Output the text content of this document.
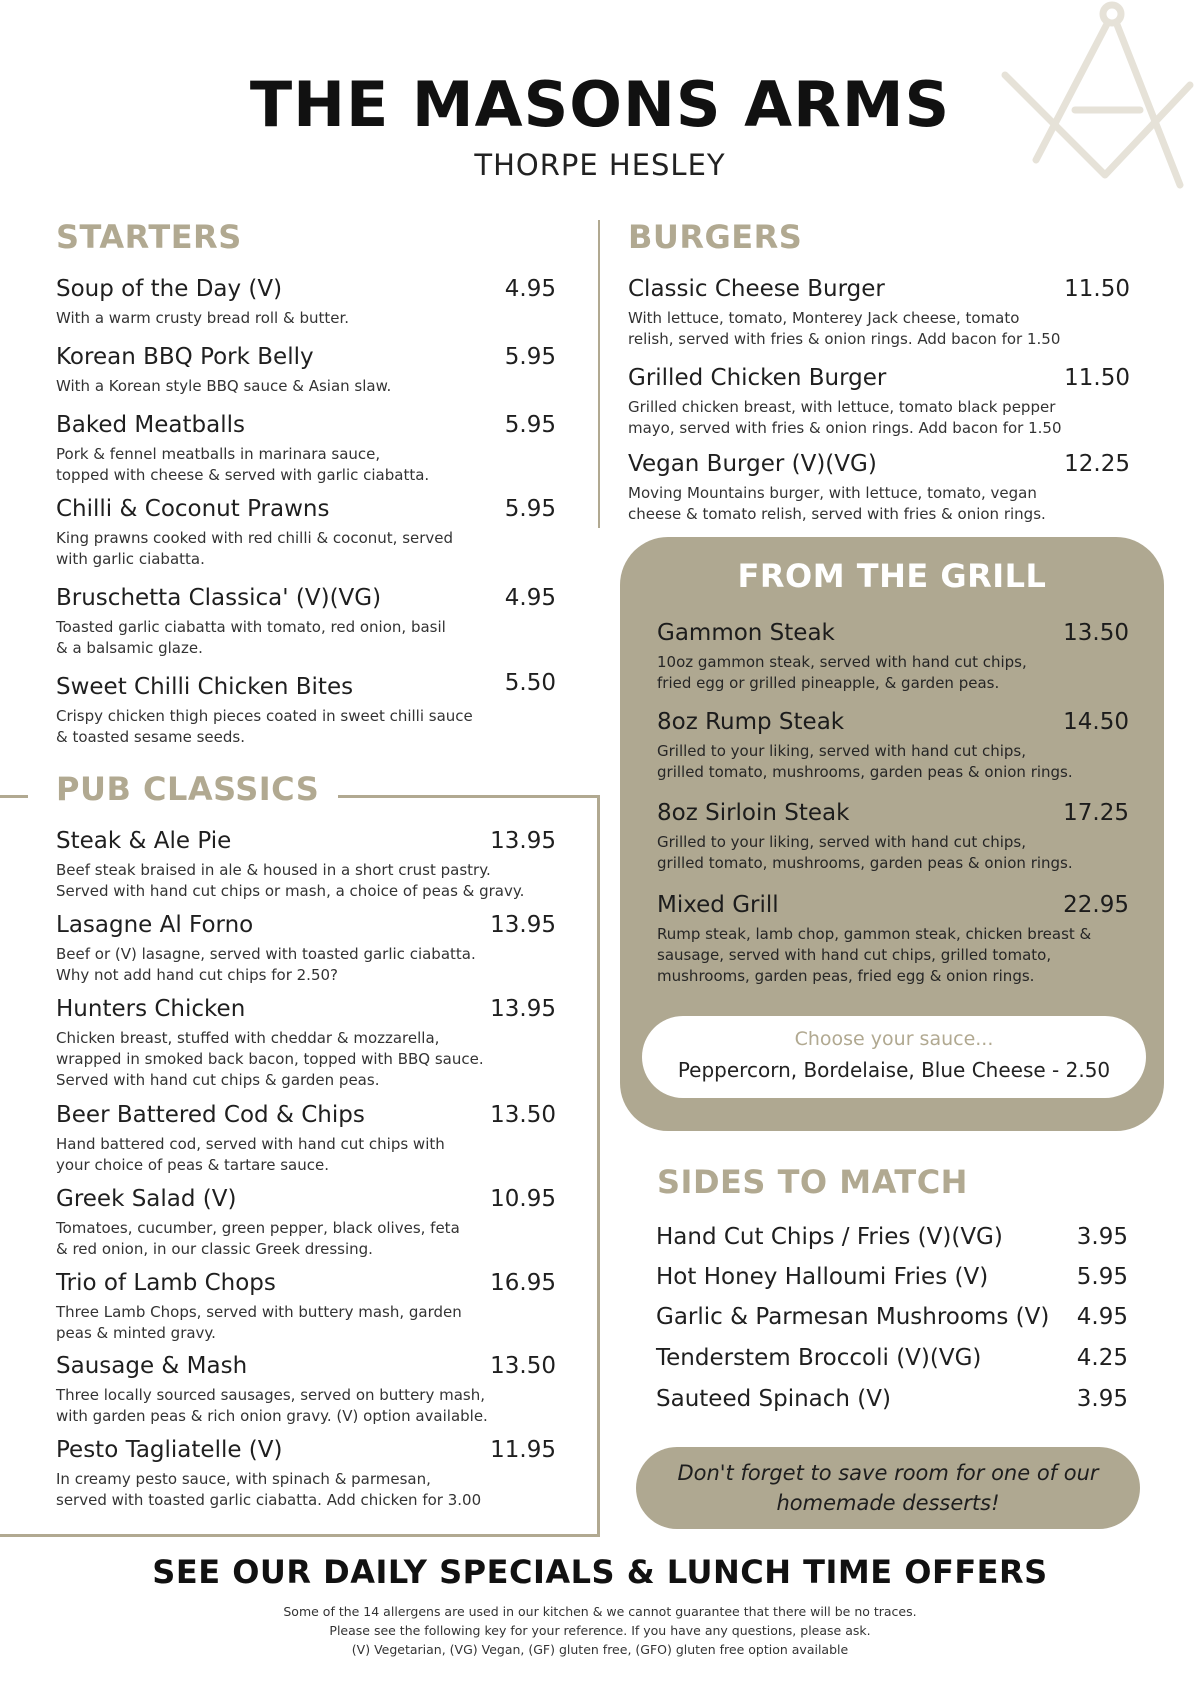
THE MASONS ARMS
THORPE HESLEY
STARTERS
Soup of the Day (V)	4.95
With a warm crusty bread roll & butter.
Korean BBQ Pork Belly	5.95
With a Korean style BBQ sauce & Asian slaw.
Baked Meatballs	5.95
Pork & fennel meatballs in marinara sauce,
topped with cheese & served with garlic ciabatta.
Chilli & Coconut Prawns	5.95
King prawns cooked with red chilli & coconut, served
with garlic ciabatta.
Bruschetta Classica' (V)(VG)	4.95
Toasted garlic ciabatta with tomato, red onion, basil
& a balsamic glaze.
Sweet Chilli Chicken Bites	5.50
Crispy chicken thigh pieces coated in sweet chilli sauce
& toasted sesame seeds.
PUB CLASSICS
Steak & Ale Pie	13.95
Beef steak braised in ale & housed in a short crust pastry.
Served with hand cut chips or mash, a choice of peas & gravy.
Lasagne Al Forno	13.95
Beef or (V) lasagne, served with toasted garlic ciabatta.
Why not add hand cut chips for 2.50?
Hunters Chicken	13.95
Chicken breast, stuffed with cheddar & mozzarella,
wrapped in smoked back bacon, topped with BBQ sauce.
Served with hand cut chips & garden peas.
Beer Battered Cod & Chips	13.50
Hand battered cod, served with hand cut chips with
your choice of peas & tartare sauce.
Greek Salad (V)	10.95
Tomatoes, cucumber, green pepper, black olives, feta
& red onion, in our classic Greek dressing.
Trio of Lamb Chops	16.95
Three Lamb Chops, served with buttery mash, garden
peas & minted gravy.
Sausage & Mash	13.50
Three locally sourced sausages, served on buttery mash,
with garden peas & rich onion gravy. (V) option available.
Pesto Tagliatelle (V)	11.95
In creamy pesto sauce, with spinach & parmesan,
served with toasted garlic ciabatta. Add chicken for 3.00
BURGERS
Classic Cheese Burger	11.50
With lettuce, tomato, Monterey Jack cheese, tomato
relish, served with fries & onion rings. Add bacon for 1.50
Grilled Chicken Burger	11.50
Grilled chicken breast, with lettuce, tomato black pepper
mayo, served with fries & onion rings. Add bacon for 1.50
Vegan Burger (V)(VG)	12.25
Moving Mountains burger, with lettuce, tomato, vegan
cheese & tomato relish, served with fries & onion rings.
FROM THE GRILL
Gammon Steak	13.50
10oz gammon steak, served with hand cut chips,
fried egg or grilled pineapple, & garden peas.
8oz Rump Steak	14.50
Grilled to your liking, served with hand cut chips,
grilled tomato, mushrooms, garden peas & onion rings.
8oz Sirloin Steak	17.25
Grilled to your liking, served with hand cut chips,
grilled tomato, mushrooms, garden peas & onion rings.
Mixed Grill	22.95
Rump steak, lamb chop, gammon steak, chicken breast &
sausage, served with hand cut chips, grilled tomato,
mushrooms, garden peas, fried egg & onion rings.
Choose your sauce...
Peppercorn, Bordelaise, Blue Cheese - 2.50
SIDES TO MATCH
Hand Cut Chips / Fries (V)(VG)	3.95
Hot Honey Halloumi Fries (V)	5.95
Garlic & Parmesan Mushrooms (V) 4.95
Tenderstem Broccoli (V)(VG)	4.25
Sauteed Spinach (V)	3.95
Don't forget to save room for one of our
homemade desserts!
SEE OUR DAILY SPECIALS & LUNCH TIME OFFERS
Some of the 14 allergens are used in our kitchen & we cannot guarantee that there will be no traces.
Please see the following key for your reference. If you have any questions, please ask.
(V) Vegetarian, (VG) Vegan, (GF) gluten free, (GFO) gluten free option available
